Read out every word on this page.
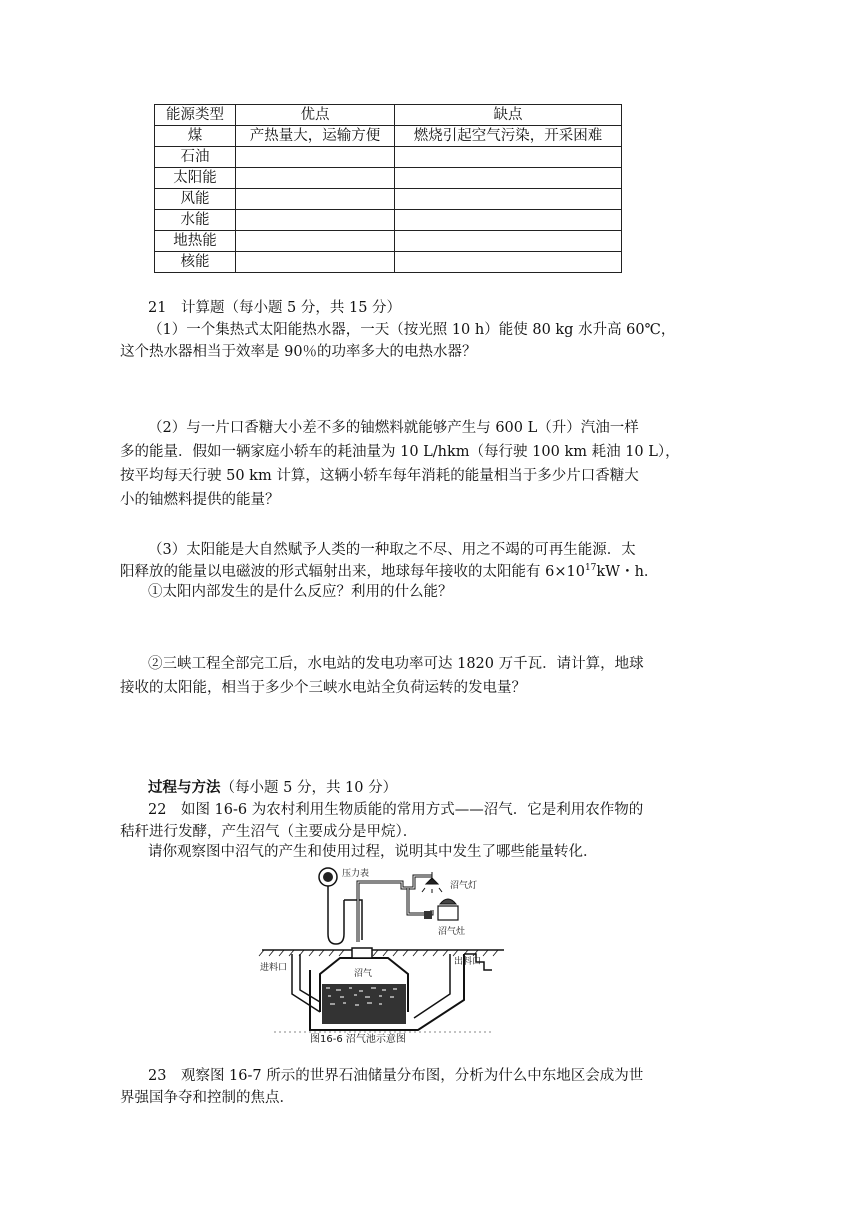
能源类型	优点	缺点
煤	产热量大，运输方便	燃烧引起空气污染，开采困难
石油		
太阳能		
风能		
水能		
地热能		
核能		
21　计算题（每小题 5 分，共 15 分）
（1）一个集热式太阳能热水器，一天（按光照 10 h）能使 80 kg 水升高 60℃，
这个热水器相当于效率是 90％的功率多大的电热水器？
（2）与一片口香糖大小差不多的铀燃料就能够产生与 600 L（升）汽油一样
多的能量．假如一辆家庭小轿车的耗油量为 10 L/hkm（每行驶 100 km 耗油 10 L），
按平均每天行驶 50 km 计算，这辆小轿车每年消耗的能量相当于多少片口香糖大
小的铀燃料提供的能量？
（3）太阳能是大自然赋予人类的一种取之不尽、用之不竭的可再生能源．太
阳释放的能量以电磁波的形式辐射出来，地球每年接收的太阳能有 $6\times 10^{17}kW$・h．
①太阳内部发生的是什么反应？利用的什么能？
②三峡工程全部完工后，水电站的发电功率可达 1820 万千瓦．请计算，地球
接收的太阳能，相当于多少个三峡水电站全负荷运转的发电量？
过程与方法（每小题 5 分，共 10 分）
22　如图 16-6 为农村利用生物质能的常用方式——沼气．它是利用农作物的
秸秆进行发酵，产生沼气（主要成分是甲烷）．
请你观察图中沼气的产生和使用过程，说明其中发生了哪些能量转化．
压力表
沼气灯
沼气灶
进料口
出料口
沼气
图16-6 沼气池示意图
23　观察图 16-7 所示的世界石油储量分布图，分析为什么中东地区会成为世
界强国争夺和控制的焦点．
